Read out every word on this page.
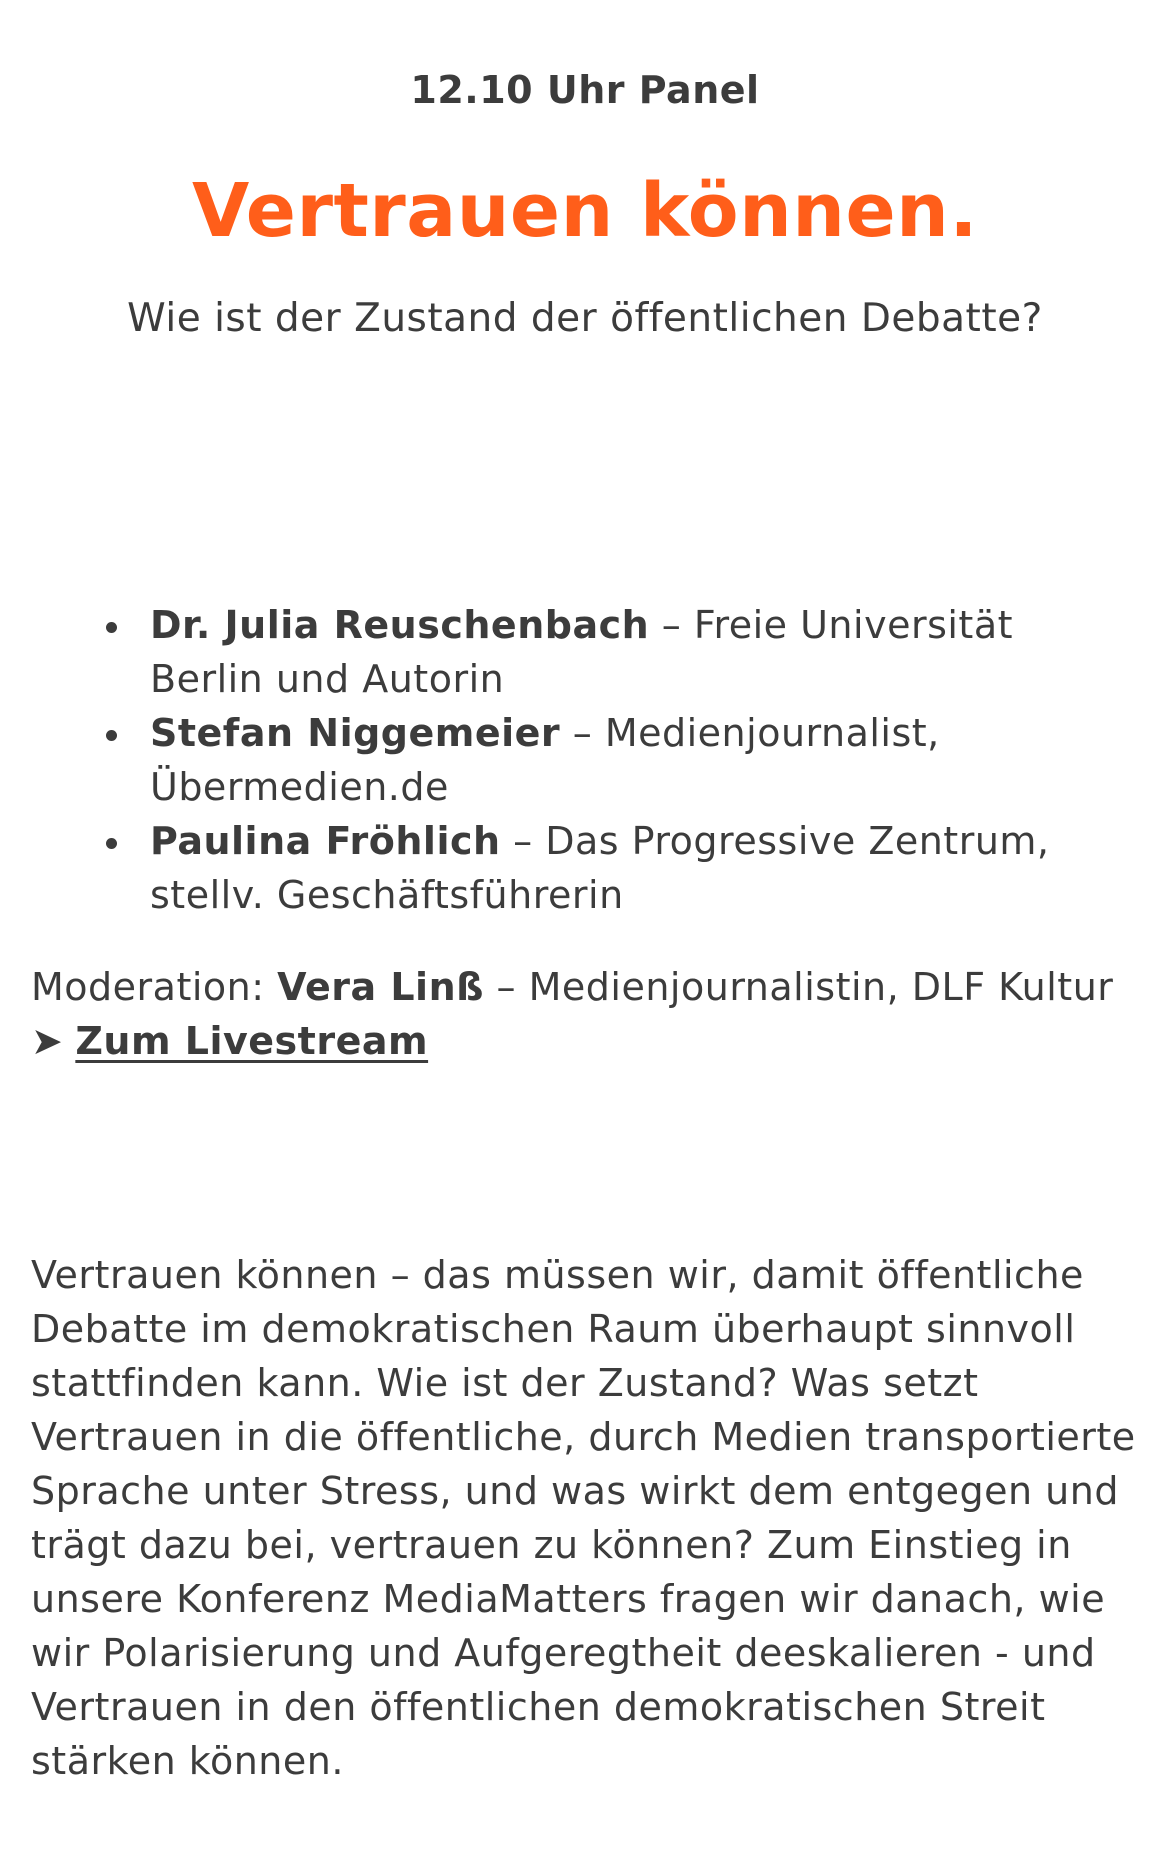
12.10 Uhr Panel
Vertrauen können.
Wie ist der Zustand der öffentlichen Debatte?
Dr. Julia Reuschenbach – Freie Universität Berlin und Autorin
Stefan Niggemeier – Medienjournalist, Übermedien.de
Paulina Fröhlich – Das Progressive Zentrum, stellv. Geschäftsführerin
Moderation: Vera Linß – Medienjournalistin, DLF Kultur
➤ Zum Livestream

Vertrauen können – das müssen wir, damit öffentliche Debatte im demokratischen Raum überhaupt sinnvoll stattfinden kann. Wie ist der Zustand? Was setzt Vertrauen in die öffentliche, durch Medien transportierte Sprache unter Stress, und was wirkt dem entgegen und trägt dazu bei, vertrauen zu können? Zum Einstieg in unsere Konferenz MediaMatters fragen wir danach, wie wir Polarisierung und Aufgeregtheit deeskalieren - und Vertrauen in den öffentlichen demokratischen Streit stärken können.
